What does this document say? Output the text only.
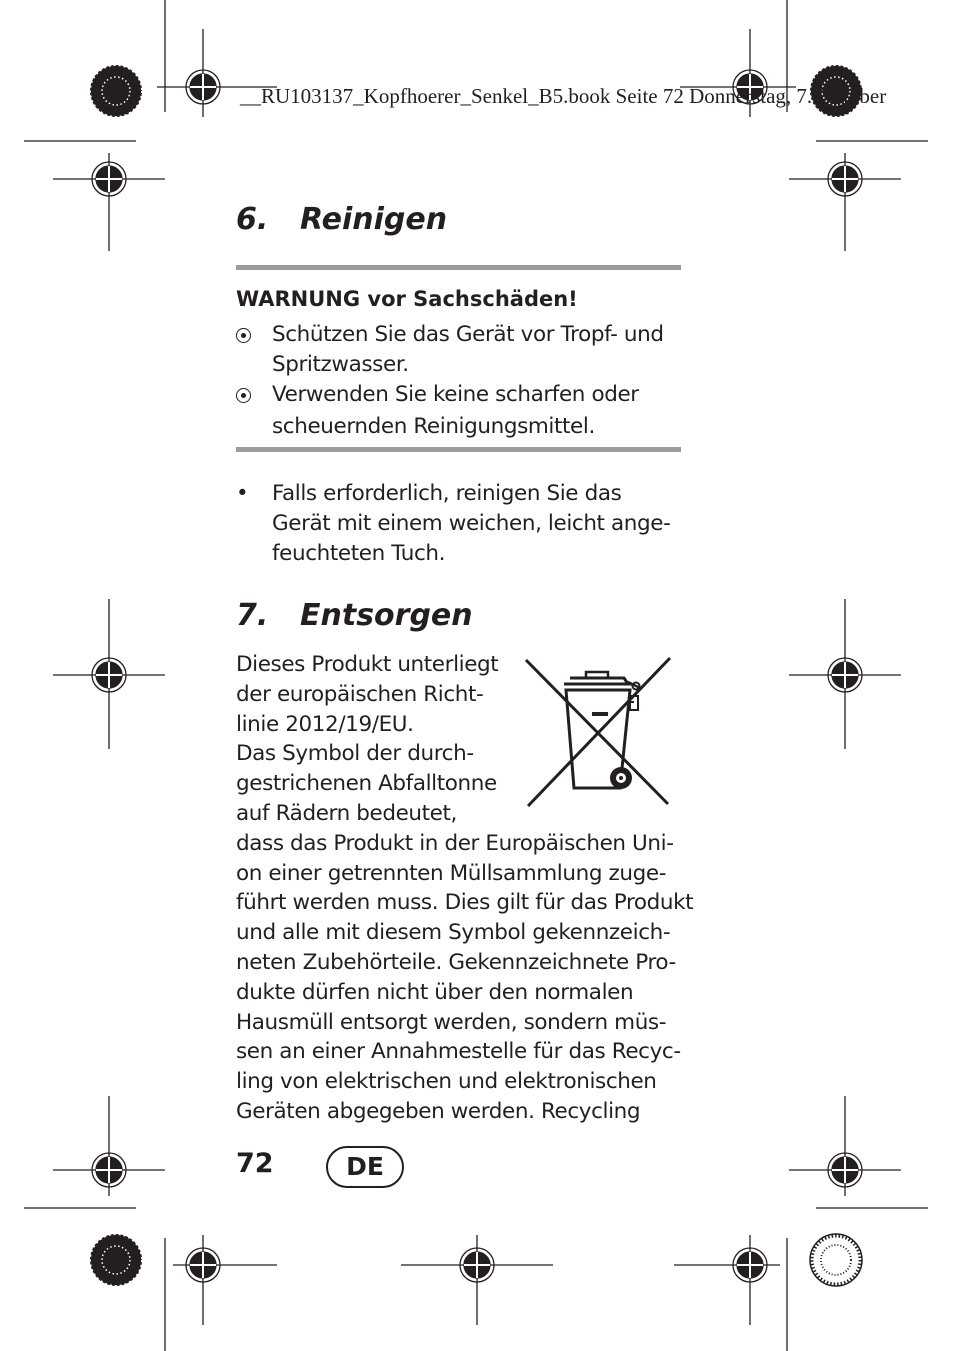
__RU103137_Kopfhoerer_Senkel_B5.book Seite 72 Donnerstag, 7. Oktober
6. Reinigen
WARNUNG vor Sachschäden!
Schützen Sie das Gerät vor Tropf- und
Spritzwasser.
Verwenden Sie keine scharfen oder
scheuernden Reinigungsmittel.
•	Falls erforderlich, reinigen Sie das
Gerät mit einem weichen, leicht ange-
feuchteten Tuch.
7. Entsorgen
Dieses Produkt unterliegt
der europäischen Richt-
linie 2012/19/EU.
Das Symbol der durch-
gestrichenen Abfalltonne
auf Rädern bedeutet,
dass das Produkt in der Europäischen Uni-
on einer getrennten Müllsammlung zuge-
führt werden muss. Dies gilt für das Produkt
und alle mit diesem Symbol gekennzeich-
neten Zubehörteile. Gekennzeichnete Pro-
dukte dürfen nicht über den normalen
Hausmüll entsorgt werden, sondern müs-
sen an einer Annahmestelle für das Recyc-
ling von elektrischen und elektronischen
Geräten abgegeben werden. Recycling
72	DE
